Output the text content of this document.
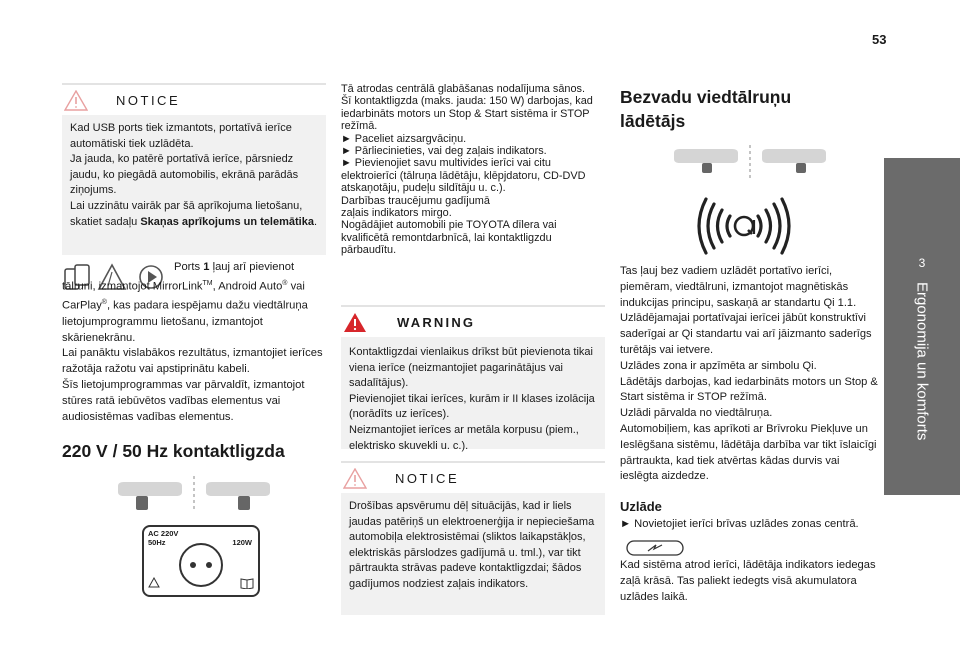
53
3
Ergonomija un komforts
NOTICE
Kad USB ports tiek izmantots, portatīvā ierīce automātiski tiek uzlādēta.
Ja jauda, ko patērē portatīvā ierīce, pārsniedz jaudu, ko piegādā automobilis, ekrānā parādās ziņojums.
Lai uzzinātu vairāk par šā aprīkojuma lietošanu, skatiet sadaļu Skaņas aprīkojums un telemātika.

Ports 1 ļauj arī pievienot tālruni, izmantojot MirrorLink™, Android Auto® vai CarPlay®, kas padara iespējamu dažu viedtālruņa lietojumprogrammu lietošanu, izmantojot skārienekrānu.
Lai panāktu vislabākos rezultātus, izmantojiet ierīces ražotāja ražotu vai apstiprinātu kabeli.
Šīs lietojumprogrammas var pārvaldīt, izmantojot stūres ratā iebūvētos vadības elementus vai audiosistēmas vadības elementus.

220 V / 50 Hz kontaktligzda
AC 220V
50Hz	120W

Tā atrodas centrālā glabāšanas nodalījuma sānos.
Šī kontaktligzda (maks. jauda: 150 W) darbojas, kad iedarbināts motors un Stop & Start sistēma ir STOP režīmā.
► Paceliet aizsargvāciņu.
► Pārliecinieties, vai deg zaļais indikators.
► Pievienojiet savu multivides ierīci vai citu elektroierīci (tālruņa lādētāju, klēpjdatoru, CD-DVD atskaņotāju, pudeļu sildītāju u. c.).
Darbības traucējumu gadījumā
zaļais indikators mirgo.
Nogādājiet automobili pie TOYOTA dīlera vai kvalificētā remontdarbnīcā, lai kontaktligzdu pārbaudītu.

WARNING
Kontaktligzdai vienlaikus drīkst būt pievienota tikai viena ierīce (neizmantojiet pagarinātājus vai sadalītājus).
Pievienojiet tikai ierīces, kurām ir II klases izolācija (norādīts uz ierīces).
Neizmantojiet ierīces ar metāla korpusu (piem., elektrisko skuvekli u. c.).
NOTICE
Drošības apsvērumu dēļ situācijās, kad ir liels jaudas patēriņš un elektroenerģija ir nepieciešama automobiļa elektrosistēmai (sliktos laikapstākļos, elektriskās pārslodzes gadījumā u. tml.), var tikt pārtraukta strāvas padeve kontaktligzdai; šādos gadījumos nodziest zaļais indikators.
Bezvadu viedtālruņu lādētājs

Tas ļauj bez vadiem uzlādēt portatīvo ierīci, piemēram, viedtālruni, izmantojot magnētiskās indukcijas principu, saskaņā ar standartu Qi 1.1.
Uzlādējamajai portatīvajai ierīcei jābūt konstruktīvi saderīgai ar Qi standartu vai arī jāizmanto saderīgs turētājs vai ietvere.
Uzlādes zona ir apzīmēta ar simbolu Qi.
Lādētājs darbojas, kad iedarbināts motors un Stop & Start sistēma ir STOP režīmā.
Uzlādi pārvalda no viedtālruņa.
Automobiļiem, kas aprīkoti ar Brīvroku Piekļuve un Ieslēgšana sistēmu, lādētāja darbība var tikt īslaicīgi pārtraukta, kad tiek atvērtas kādas durvis vai ieslēgta aizdedze.

Uzlāde

► Novietojiet ierīci brīvas uzlādes zonas centrā.

Kad sistēma atrod ierīci, lādētāja indikators iedegas zaļā krāsā. Tas paliekt iedegts visā akumulatora uzlādes laikā.
